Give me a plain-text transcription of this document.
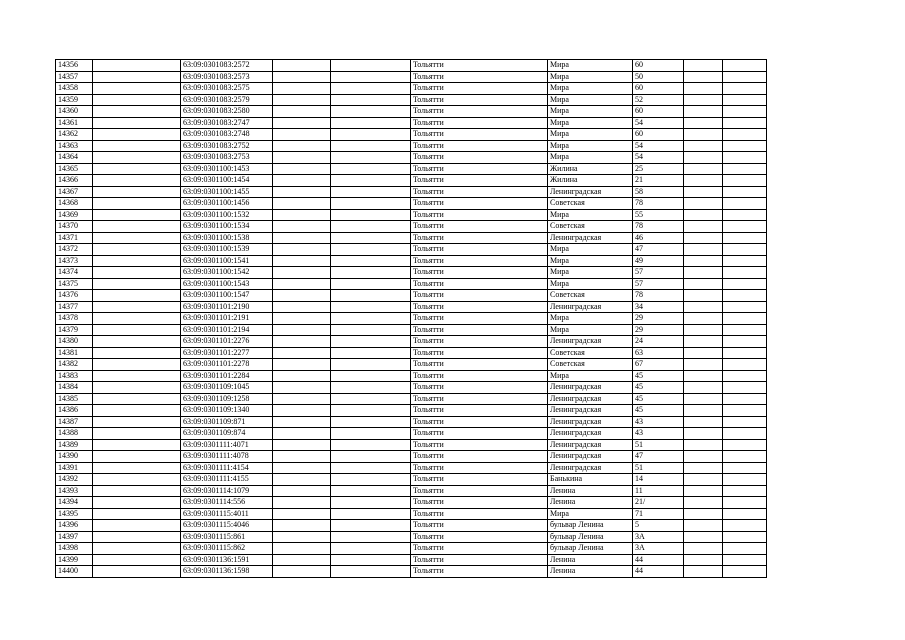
14356		63:09:0301083:2572			Тольятти	Мира	60		
14357		63:09:0301083:2573			Тольятти	Мира	50		
14358		63:09:0301083:2575			Тольятти	Мира	60		
14359		63:09:0301083:2579			Тольятти	Мира	52		
14360		63:09:0301083:2580			Тольятти	Мира	60		
14361		63:09:0301083:2747			Тольятти	Мира	54		
14362		63:09:0301083:2748			Тольятти	Мира	60		
14363		63:09:0301083:2752			Тольятти	Мира	54		
14364		63:09:0301083:2753			Тольятти	Мира	54		
14365		63:09:0301100:1453			Тольятти	Жилина	25		
14366		63:09:0301100:1454			Тольятти	Жилина	21		
14367		63:09:0301100:1455			Тольятти	Ленинградская	58		
14368		63:09:0301100:1456			Тольятти	Советская	78		
14369		63:09:0301100:1532			Тольятти	Мира	55		
14370		63:09:0301100:1534			Тольятти	Советская	78		
14371		63:09:0301100:1538			Тольятти	Ленинградская	46		
14372		63:09:0301100:1539			Тольятти	Мира	47		
14373		63:09:0301100:1541			Тольятти	Мира	49		
14374		63:09:0301100:1542			Тольятти	Мира	57		
14375		63:09:0301100:1543			Тольятти	Мира	57		
14376		63:09:0301100:1547			Тольятти	Советская	78		
14377		63:09:0301101:2190			Тольятти	Ленинградская	34		
14378		63:09:0301101:2191			Тольятти	Мира	29		
14379		63:09:0301101:2194			Тольятти	Мира	29		
14380		63:09:0301101:2276			Тольятти	Ленинградская	24		
14381		63:09:0301101:2277			Тольятти	Советская	63		
14382		63:09:0301101:2278			Тольятти	Советская	67		
14383		63:09:0301101:2284			Тольятти	Мира	45		
14384		63:09:0301109:1045			Тольятти	Ленинградская	45		
14385		63:09:0301109:1258			Тольятти	Ленинградская	45		
14386		63:09:0301109:1340			Тольятти	Ленинградская	45		
14387		63:09:0301109:871			Тольятти	Ленинградская	43		
14388		63:09:0301109:874			Тольятти	Ленинградская	43		
14389		63:09:0301111:4071			Тольятти	Ленинградская	51		
14390		63:09:0301111:4078			Тольятти	Ленинградская	47		
14391		63:09:0301111:4154			Тольятти	Ленинградская	51		
14392		63:09:0301111:4155			Тольятти	Банькина	14		
14393		63:09:0301114:1079			Тольятти	Ленина	11		
14394		63:09:0301114:556			Тольятти	Ленина	21/		
14395		63:09:0301115:4011			Тольятти	Мира	71		
14396		63:09:0301115:4046			Тольятти	бульвар Ленина	5		
14397		63:09:0301115:861			Тольятти	бульвар Ленина	3А		
14398		63:09:0301115:862			Тольятти	бульвар Ленина	3А		
14399		63:09:0301136:1591			Тольятти	Ленина	44		
14400		63:09:0301136:1598			Тольятти	Ленина	44		
